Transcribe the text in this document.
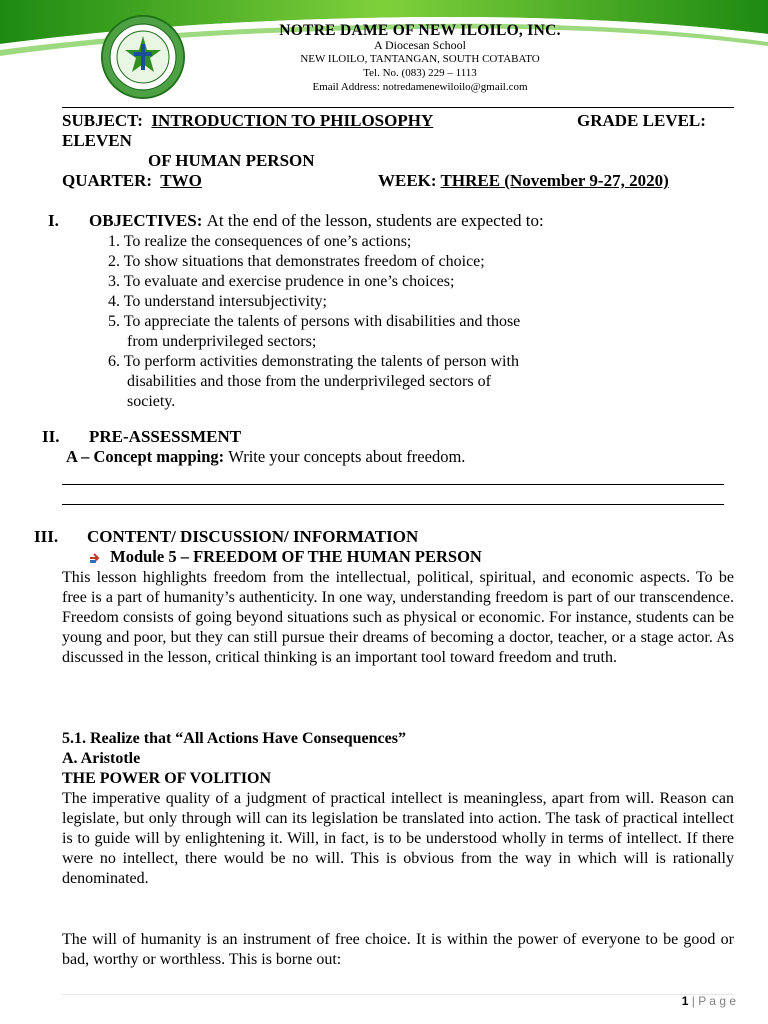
NOTRE DAME OF NEW ILOILO, INC.
A Diocesan School
NEW ILOILO, TANTANGAN, SOUTH COTABATO
Tel. No. (083) 229 – 1113
Email Address: notredamenewiloilo@gmail.com
SUBJECT: INTRODUCTION TO PHILOSOPHY	GRADE LEVEL:
ELEVEN
OF HUMAN PERSON
QUARTER: TWO	WEEK: THREE (November 9-27, 2020)
I. OBJECTIVES: At the end of the lesson, students are expected to:
1. To realize the consequences of one’s actions;
2. To show situations that demonstrates freedom of choice;
3. To evaluate and exercise prudence in one’s choices;
4. To understand intersubjectivity;
5. To appreciate the talents of persons with disabilities and those
from underprivileged sectors;
6. To perform activities demonstrating the talents of person with
disabilities and those from the underprivileged sectors of
society.
II. PRE-ASSESSMENT
A – Concept mapping: Write your concepts about freedom.
III. CONTENT/ DISCUSSION/ INFORMATION
Module 5 – FREEDOM OF THE HUMAN PERSON
This lesson highlights freedom from the intellectual, political, spiritual, and economic aspects. To be free is a part of humanity’s authenticity. In one way, understanding freedom is part of our transcendence. Freedom consists of going beyond situations such as physical or economic. For instance, students can be young and poor, but they can still pursue their dreams of becoming a doctor, teacher, or a stage actor. As discussed in the lesson, critical thinking is an important tool toward freedom and truth.
5.1. Realize that “All Actions Have Consequences”
A. Aristotle
THE POWER OF VOLITION
The imperative quality of a judgment of practical intellect is meaningless, apart from will. Reason can legislate, but only through will can its legislation be translated into action. The task of practical intellect is to guide will by enlightening it. Will, in fact, is to be understood wholly in terms of intellect. If there were no intellect, there would be no will. This is obvious from the way in which will is rationally denominated.
The will of humanity is an instrument of free choice. It is within the power of everyone to be good or bad, worthy or worthless. This is borne out:
1 | P a g e
